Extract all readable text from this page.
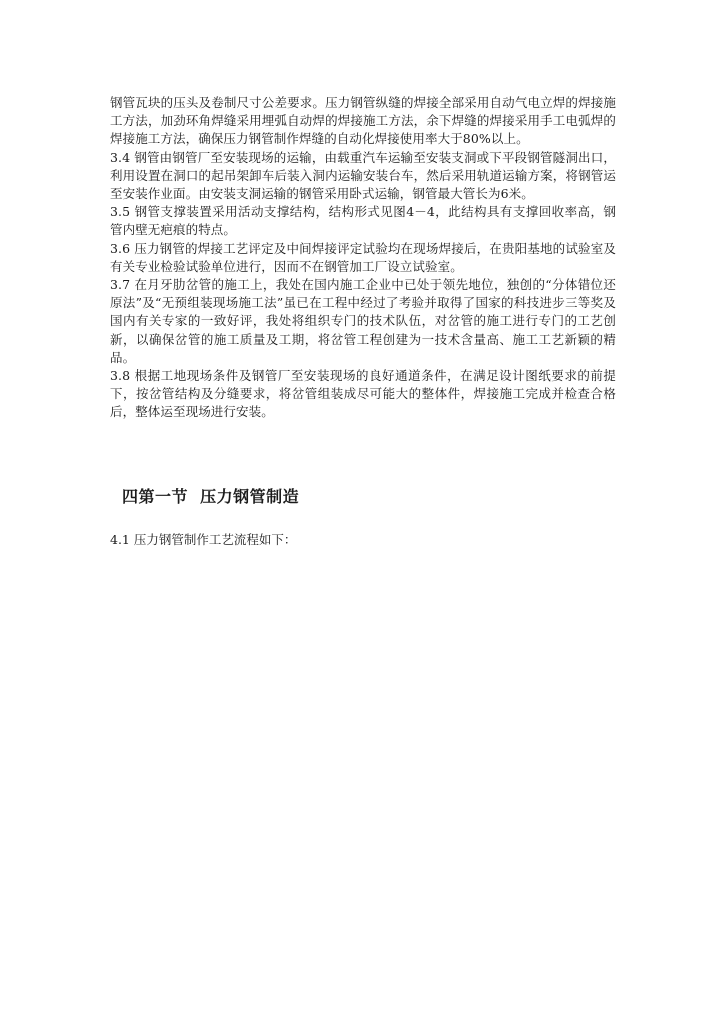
钢管瓦块的压头及卷制尺寸公差要求。压力钢管纵缝的焊接全部采用自动气电立焊的焊接施工方法，加劲环角焊缝采用埋弧自动焊的焊接施工方法，余下焊缝的焊接采用手工电弧焊的焊接施工方法，确保压力钢管制作焊缝的自动化焊接使用率大于80%以上。

3.4 钢管由钢管厂至安装现场的运输，由载重汽车运输至安装支洞或下平段钢管隧洞出口，利用设置在洞口的起吊架卸车后装入洞内运输安装台车，然后采用轨道运输方案，将钢管运至安装作业面。由安装支洞运输的钢管采用卧式运输，钢管最大管长为6米。

3.5 钢管支撑装置采用活动支撑结构，结构形式见图4－4，此结构具有支撑回收率高，钢管内壁无疤痕的特点。

3.6 压力钢管的焊接工艺评定及中间焊接评定试验均在现场焊接后，在贵阳基地的试验室及有关专业检验试验单位进行，因而不在钢管加工厂设立试验室。

3.7 在月牙肋岔管的施工上，我处在国内施工企业中已处于领先地位，独创的“分体错位还原法”及“无预组装现场施工法”虽已在工程中经过了考验并取得了国家的科技进步三等奖及国内有关专家的一致好评，我处将组织专门的技术队伍，对岔管的施工进行专门的工艺创新，以确保岔管的施工质量及工期，将岔管工程创建为一技术含量高、施工工艺新颖的精品。

3.8 根据工地现场条件及钢管厂至安装现场的良好通道条件，在满足设计图纸要求的前提下，按岔管结构及分缝要求，将岔管组装成尽可能大的整体件，焊接施工完成并检查合格后，整体运至现场进行安装。

四第一节  压力钢管制造

4.1 压力钢管制作工艺流程如下：
